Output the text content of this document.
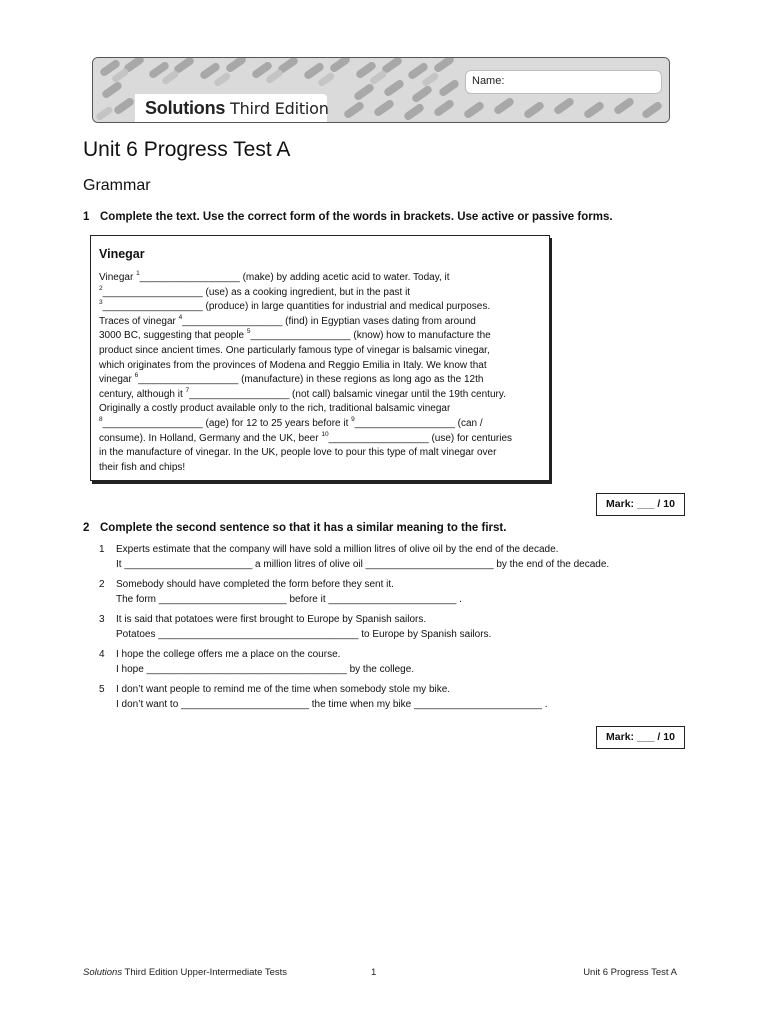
Name:
Solutions Third Edition
Unit 6 Progress Test A
Grammar
1 Complete the text. Use the correct form of the words in brackets. Use active or passive forms.
Vinegar
Vinegar $^1$__________________ (make) by adding acetic acid to water. Today, it
$^2$__________________ (use) as a cooking ingredient, but in the past it
$^3$__________________ (produce) in large quantities for industrial and medical purposes.
Traces of vinegar $^4$__________________ (find) in Egyptian vases dating from around
3000 BC, suggesting that people $^5$__________________ (know) how to manufacture the
product since ancient times. One particularly famous type of vinegar is balsamic vinegar,
which originates from the provinces of Modena and Reggio Emilia in Italy. We know that
vinegar $^6$__________________ (manufacture) in these regions as long ago as the 12th
century, although it $^7$__________________ (not call) balsamic vinegar until the 19th century.
Originally a costly product available only to the rich, traditional balsamic vinegar
$^8$__________________ (age) for 12 to 25 years before it $^9$__________________ (can /
consume). In Holland, Germany and the UK, beer $^{10}$__________________ (use) for centuries
in the manufacture of vinegar. In the UK, people love to pour this type of malt vinegar over
their fish and chips!
Mark: ___ / 10
2 Complete the second sentence so that it has a similar meaning to the first.
1 Experts estimate that the company will have sold a million litres of olive oil by the end of the decade.
It _______________________ a million litres of olive oil _______________________ by the end of the decade.
2 Somebody should have completed the form before they sent it.
The form _______________________ before it _______________________ .
3 It is said that potatoes were first brought to Europe by Spanish sailors.
Potatoes ____________________________________ to Europe by Spanish sailors.
4 I hope the college offers me a place on the course.
I hope ____________________________________ by the college.
5 I don’t want people to remind me of the time when somebody stole my bike.
I don’t want to _______________________ the time when my bike _______________________ .
Mark: ___ / 10
Solutions Third Edition Upper-Intermediate Tests	1	Unit 6 Progress Test A
